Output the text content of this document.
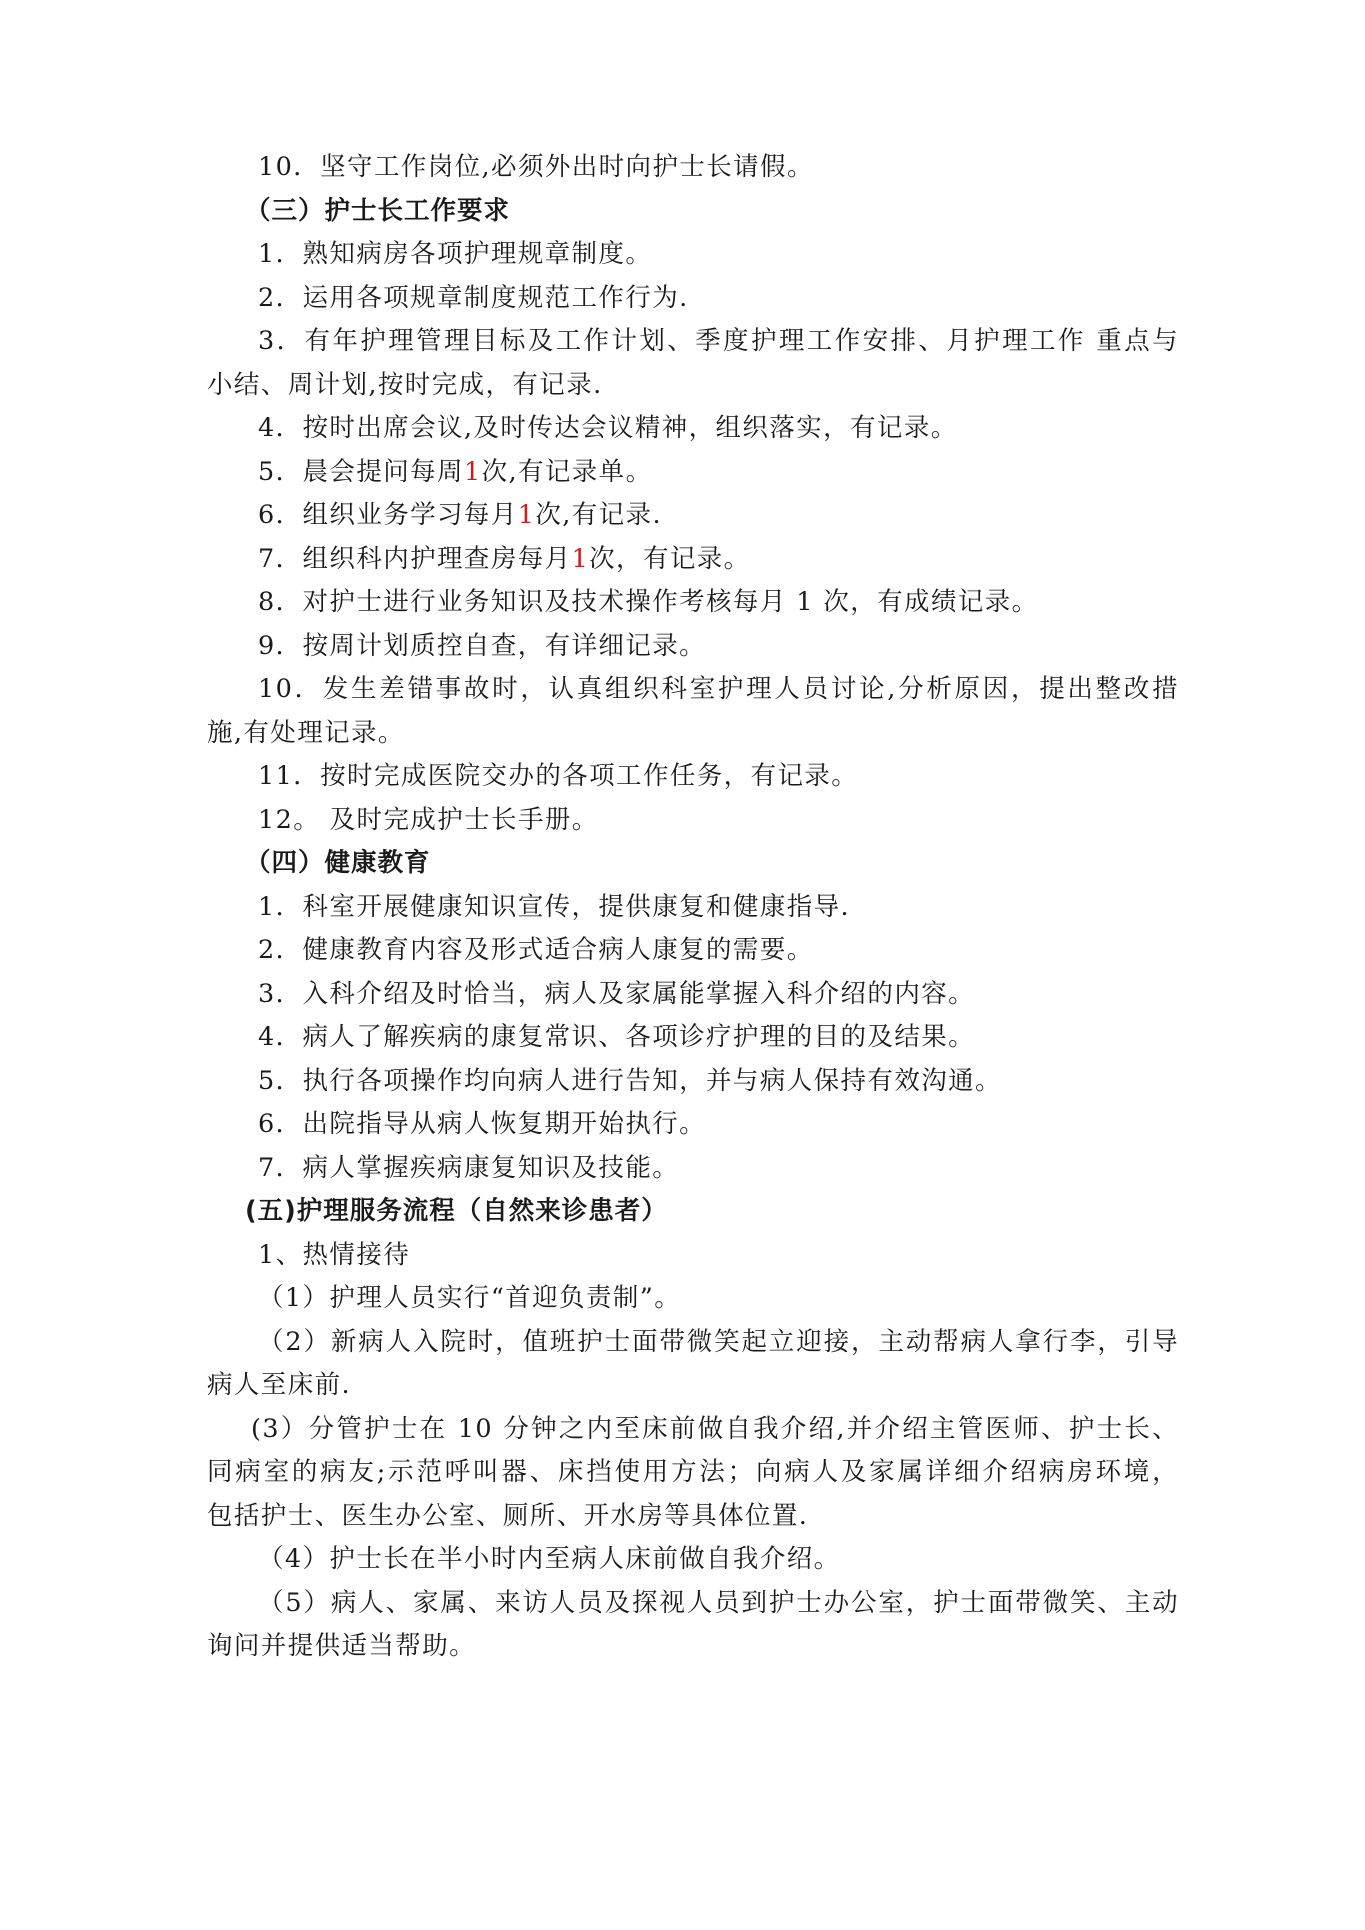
10．坚守工作岗位,必须外出时向护士长请假。

（三）护士长工作要求

1．熟知病房各项护理规章制度。

2．运用各项规章制度规范工作行为.

3．有年护理管理目标及工作计划、季度护理工作安排、月护理工作 重点与

小结、周计划,按时完成，有记录.

4．按时出席会议,及时传达会议精神，组织落实，有记录。

5．晨会提问每周1次,有记录单。

6．组织业务学习每月1次,有记录.

7．组织科内护理查房每月1次，有记录。

8．对护士进行业务知识及技术操作考核每月 1 次，有成绩记录。

9．按周计划质控自查，有详细记录。

10．发生差错事故时，认真组织科室护理人员讨论,分析原因，提出整改措

施,有处理记录。

11．按时完成医院交办的各项工作任务，有记录。

12。 及时完成护士长手册。

（四）健康教育

1．科室开展健康知识宣传，提供康复和健康指导.

2．健康教育内容及形式适合病人康复的需要。

3．入科介绍及时恰当，病人及家属能掌握入科介绍的内容。

4．病人了解疾病的康复常识、各项诊疗护理的目的及结果。

5．执行各项操作均向病人进行告知，并与病人保持有效沟通。

6．出院指导从病人恢复期开始执行。

7．病人掌握疾病康复知识及技能。

(五)护理服务流程（自然来诊患者）

1、热情接待

（1）护理人员实行“首迎负责制”。

（2）新病人入院时，值班护士面带微笑起立迎接，主动帮病人拿行李，引导

病人至床前.

(3）分管护士在 10 分钟之内至床前做自我介绍,并介绍主管医师、护士长、

同病室的病友;示范呼叫器、床挡使用方法；向病人及家属详细介绍病房环境，

包括护士、医生办公室、厕所、开水房等具体位置.

（4）护士长在半小时内至病人床前做自我介绍。

（5）病人、家属、来访人员及探视人员到护士办公室，护士面带微笑、主动

询问并提供适当帮助。
